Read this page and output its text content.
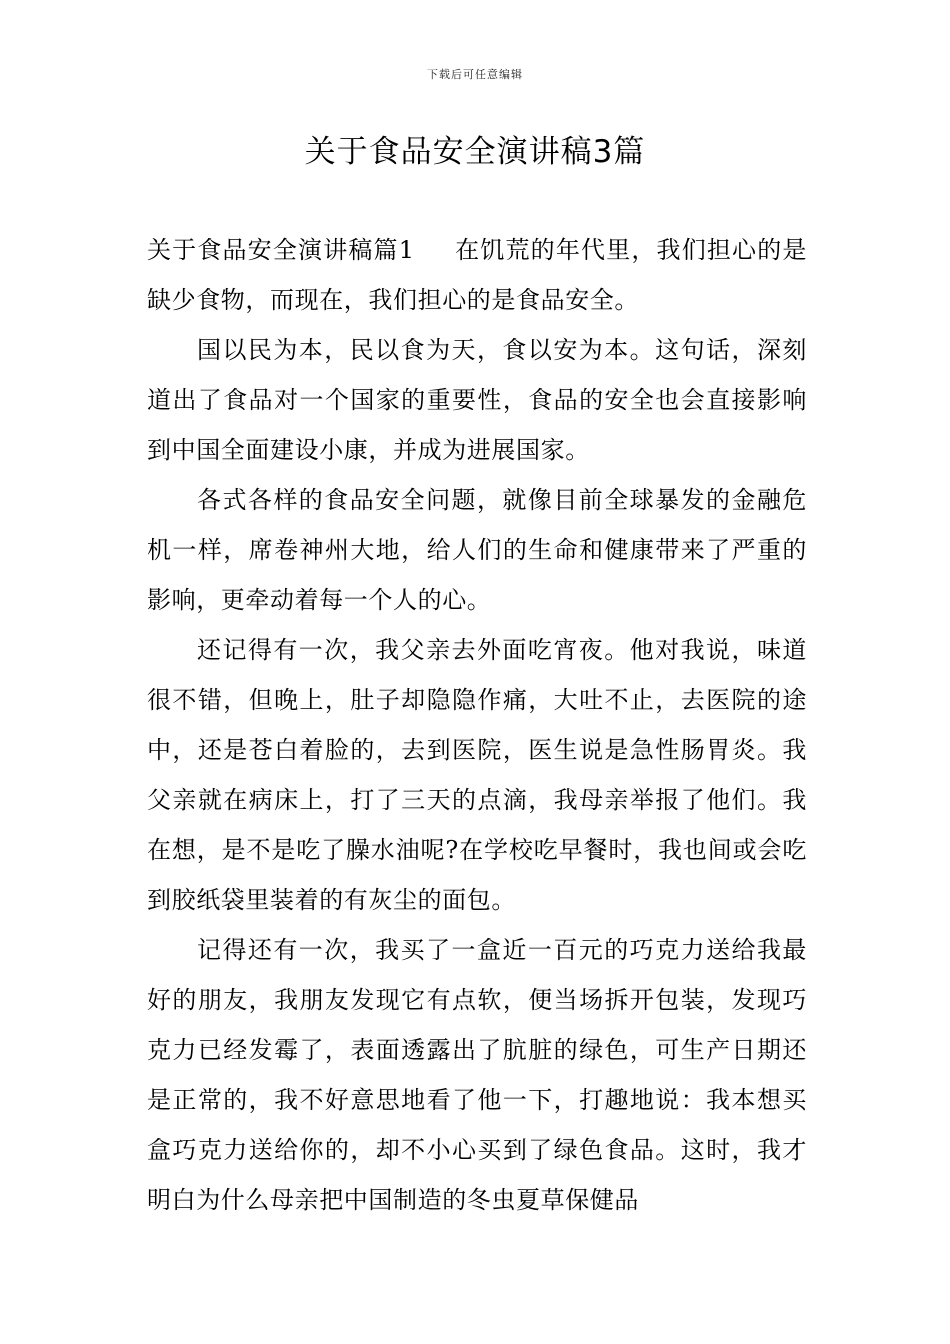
下载后可任意编辑
关于食品安全演讲稿3篇

关于食品安全演讲稿篇1 在饥荒的年代里，我们担心的是缺少食物，而现在，我们担心的是食品安全。

国以民为本，民以食为天，食以安为本。这句话，深刻道出了食品对一个国家的重要性，食品的安全也会直接影响到中国全面建设小康，并成为进展国家。

各式各样的食品安全问题，就像目前全球暴发的金融危机一样，席卷神州大地，给人们的生命和健康带来了严重的影响，更牵动着每一个人的心。

还记得有一次，我父亲去外面吃宵夜。他对我说，味道很不错，但晚上，肚子却隐隐作痛，大吐不止，去医院的途中，还是苍白着脸的，去到医院，医生说是急性肠胃炎。我父亲就在病床上，打了三天的点滴，我母亲举报了他们。我在想，是不是吃了臊水油呢?在学校吃早餐时，我也间或会吃到胶纸袋里装着的有灰尘的面包。

记得还有一次，我买了一盒近一百元的巧克力送给我最好的朋友，我朋友发现它有点软，便当场拆开包装，发现巧克力已经发霉了，表面透露出了肮脏的绿色，可生产日期还是正常的，我不好意思地看了他一下，打趣地说：我本想买盒巧克力送给你的，却不小心买到了绿色食品。这时，我才明白为什么母亲把中国制造的冬虫夏草保健品
